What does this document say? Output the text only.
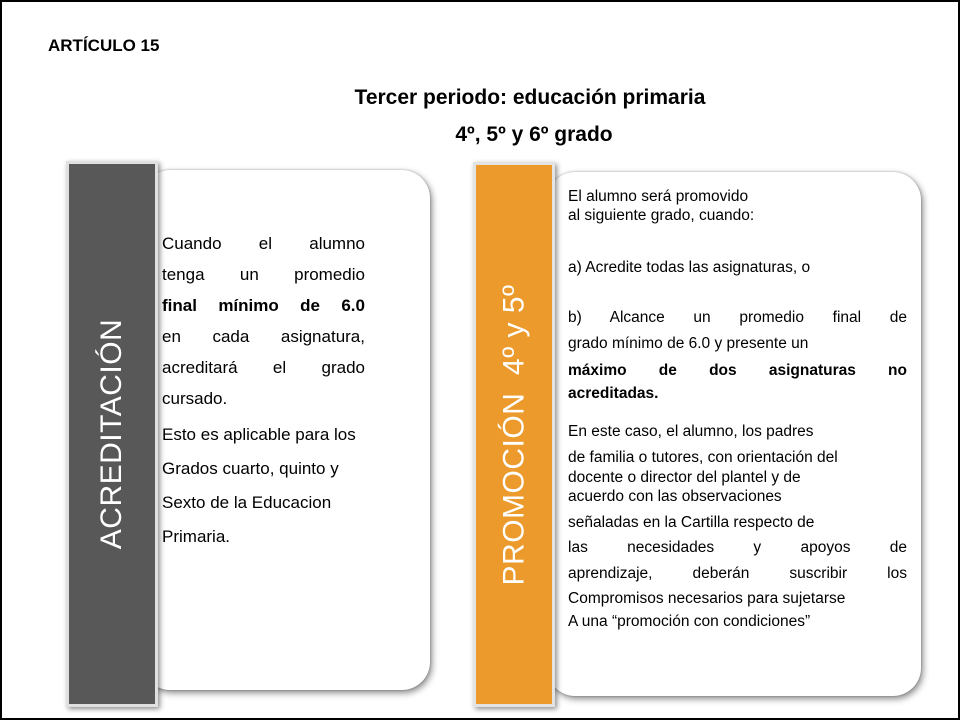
ARTÍCULO 15
Tercer periodo: educación primaria
4º, 5º y 6º grado
ACREDITACIÓN
Cuando el alumno
tenga un promedio
final mínimo de 6.0
en cada asignatura,
acreditará el grado
cursado.
Esto es aplicable para los
Grados cuarto, quinto y
Sexto de la Educacion
Primaria.	PROMOCIÓN  4º y 5º
El alumno será promovido
al siguiente grado, cuando:
a) Acredite todas las asignaturas, o
b) Alcance un promedio final de
grado mínimo de 6.0 y presente un
máximo de dos asignaturas no
acreditadas.
En este caso, el alumno, los padres
de familia o tutores, con orientación del
docente o director del plantel y de
acuerdo con las observaciones
señaladas en la Cartilla respecto de
las necesidades y apoyos de
aprendizaje, deberán suscribir los
Compromisos necesarios para sujetarse
A una “promoción con condiciones”
